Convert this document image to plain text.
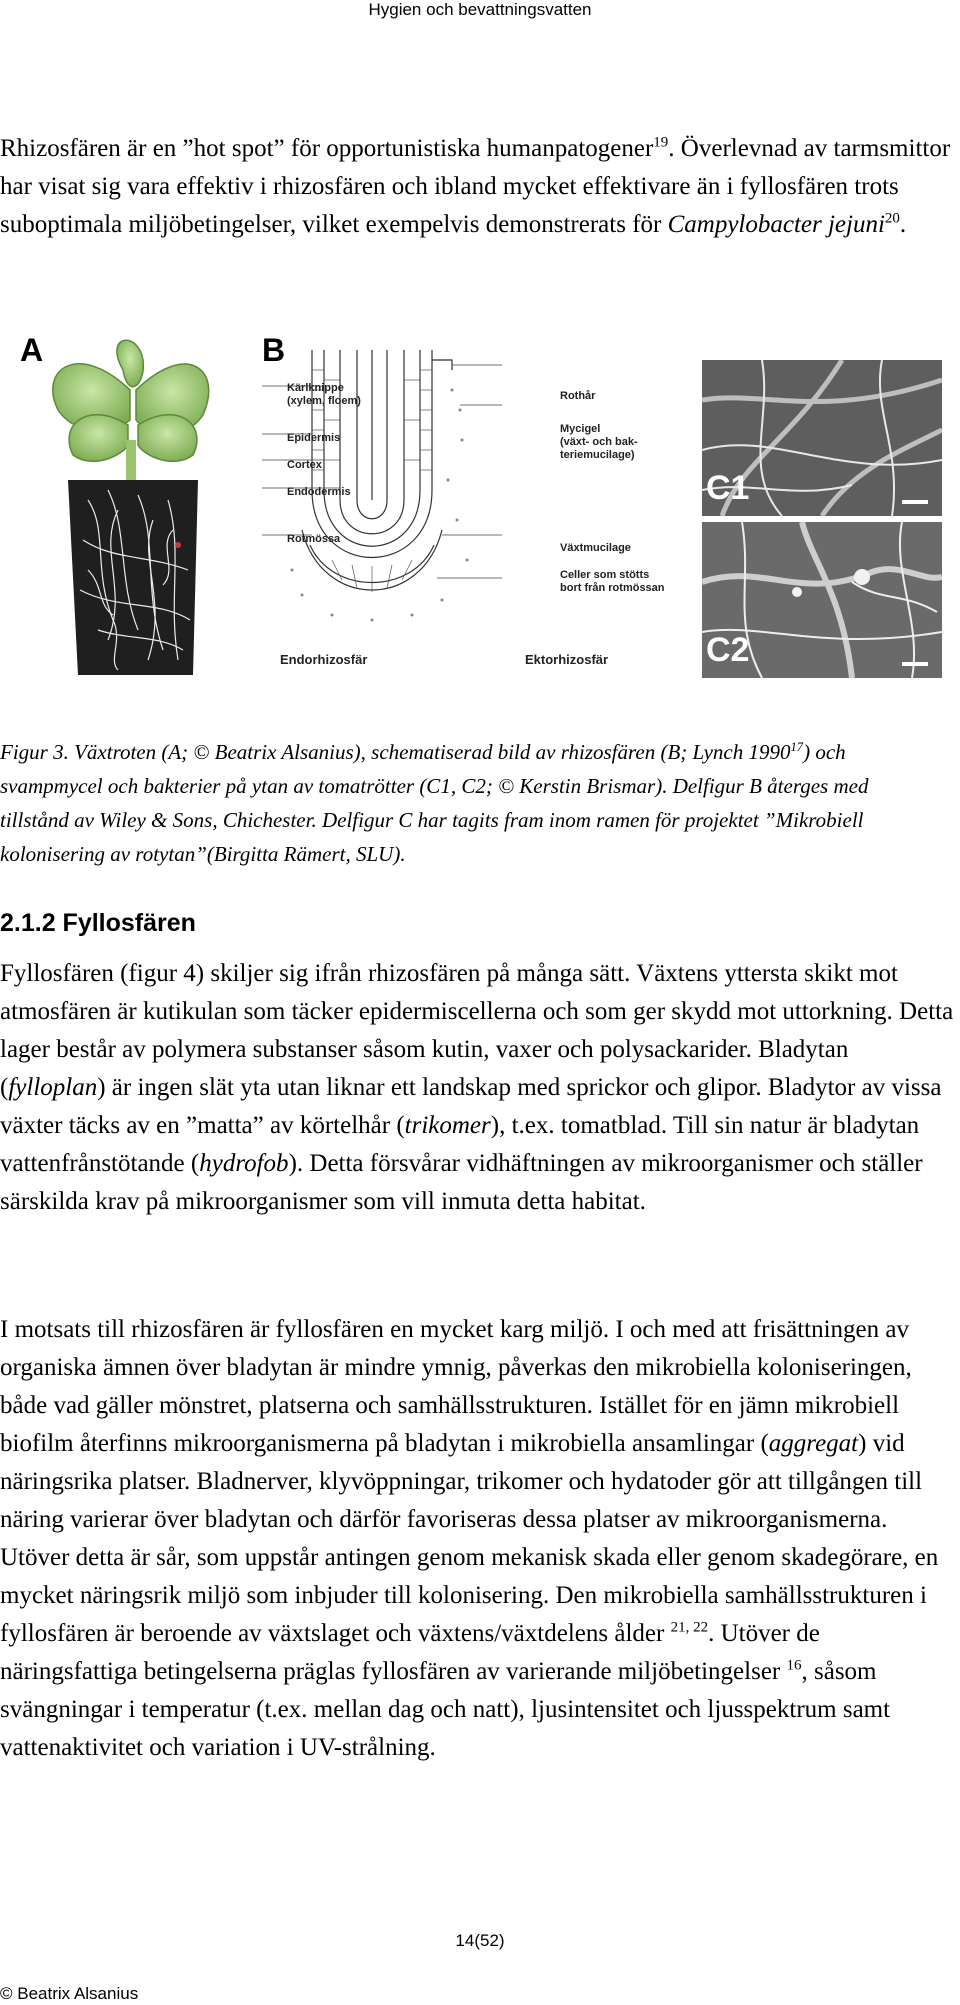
Hygien och bevattningsvatten

Rhizosfären är en ”hot spot” för opportunistiska humanpatogener$^{19}$. Överlevnad av tarmsmittor har visat sig vara effektiv i rhizosfären och ibland mycket effektivare än i fyllosfären trots suboptimala miljöbetingelser, vilket exempelvis demonstrerats för Campylobacter jejuni$^{20}$.

A	B
Kärlknippe
(xylem, floem)
Epidermis
Cortex
Endodermis
Rotmössa
Rothår
Mycigel
(växt- och bak-
teriemucilage)
Växtmucilage
Celler som stötts
bort från rotmössan
Endorhizosfär	Ektorhizosfär
C1
C2
Figur 3. Växtroten (A; © Beatrix Alsanius), schematiserad bild av rhizosfären (B; Lynch 1990$^{17}$) och svampmycel och bakterier på ytan av tomatrötter (C1, C2; © Kerstin Brismar). Delfigur B återges med tillstånd av Wiley & Sons, Chichester. Delfigur C har tagits fram inom ramen för projektet ”Mikrobiell kolonisering av rotytan”(Birgitta Rämert, SLU).
2.1.2 Fyllosfären

Fyllosfären (figur 4) skiljer sig ifrån rhizosfären på många sätt. Växtens yttersta skikt mot atmosfären är kutikulan som täcker epidermiscellerna och som ger skydd mot uttorkning. Detta lager består av polymera substanser såsom kutin, vaxer och polysackarider. Bladytan (fylloplan) är ingen slät yta utan liknar ett landskap med sprickor och glipor. Bladytor av vissa växter täcks av en ”matta” av körtelhår (trikomer), t.ex. tomatblad. Till sin natur är bladytan vattenfrånstötande (hydrofob). Detta försvårar vidhäftningen av mikroorganismer och ställer särskilda krav på mikroorganismer som vill inmuta detta habitat.

I motsats till rhizosfären är fyllosfären en mycket karg miljö. I och med att frisättningen av organiska ämnen över bladytan är mindre ymnig, påverkas den mikrobiella koloniseringen, både vad gäller mönstret, platserna och samhällsstrukturen. Istället för en jämn mikrobiell biofilm återfinns mikroorganismerna på bladytan i mikrobiella ansamlingar (aggregat) vid näringsrika platser. Bladnerver, klyvöppningar, trikomer och hydatoder gör att tillgången till näring varierar över bladytan och därför favoriseras dessa platser av mikroorganismerna. Utöver detta är sår, som uppstår antingen genom mekanisk skada eller genom skadegörare, en mycket näringsrik miljö som inbjuder till kolonisering. Den mikrobiella samhällsstrukturen i fyllosfären är beroende av växtslaget och växtens/växtdelens ålder $^{21, 22}$. Utöver de näringsfattiga betingelserna präglas fyllosfären av varierande miljöbetingelser $^{16}$, såsom svängningar i temperatur (t.ex. mellan dag och natt), ljusintensitet och ljusspektrum samt vattenaktivitet och variation i UV-strålning.

14(52)
© Beatrix Alsanius
